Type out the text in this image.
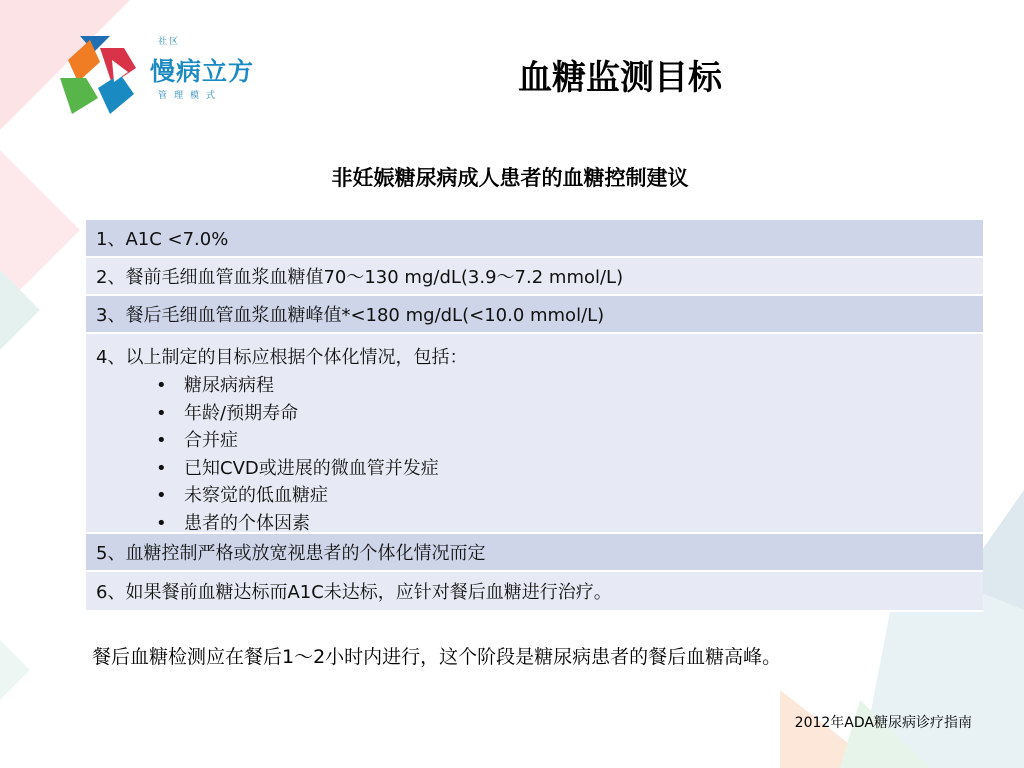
社区
慢病立方
管理模式	血糖监测目标
非妊娠糖尿病成人患者的血糖控制建议
1、A1C <7.0%
2、餐前毛细血管血浆血糖值70～130 mg/dL(3.9～7.2 mmol/L)
3、餐后毛细血管血浆血糖峰值*<180 mg/dL(<10.0 mmol/L)
4、以上制定的目标应根据个体化情况，包括：
• 糖尿病病程
• 年龄/预期寿命
• 合并症
• 已知CVD或进展的微血管并发症
• 未察觉的低血糖症
• 患者的个体因素
5、血糖控制严格或放宽视患者的个体化情况而定
6、如果餐前血糖达标而A1C未达标，应针对餐后血糖进行治疗。
餐后血糖检测应在餐后1～2小时内进行，这个阶段是糖尿病患者的餐后血糖高峰。
2012年ADA糖尿病诊疗指南
